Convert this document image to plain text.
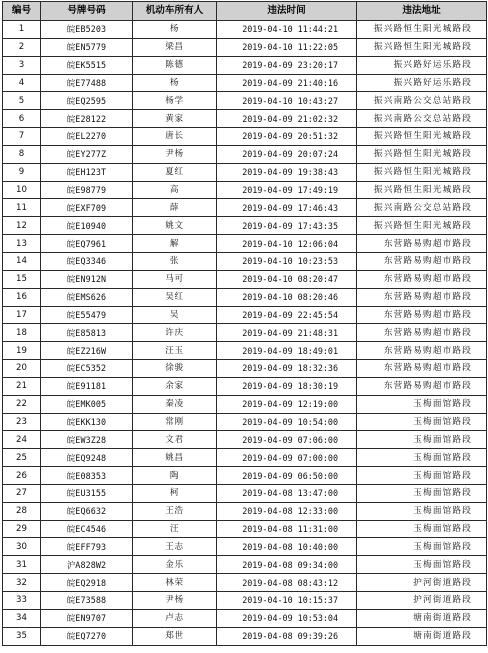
编号	号牌号码	机动车所有人	违法时间	违法地址
1	皖EB5203	杨	2019-04-10 11:44:21	振兴路恒生阳光城路段
2	皖EN5779	梁昌	2019-04-10 11:22:05	振兴路恒生阳光城路段
3	皖EK5515	陈德	2019-04-09 23:20:17	振兴路好运乐路段
4	皖E77488	杨	2019-04-09 21:40:16	振兴路好运乐路段
5	皖EQ2595	杨学	2019-04-10 10:43:27	振兴南路公交总站路段
6	皖E28122	黄家	2019-04-09 21:02:32	振兴南路公交总站路段
7	皖EL2270	唐长	2019-04-09 20:51:32	振兴路恒生阳光城路段
8	皖EY277Z	尹杨	2019-04-09 20:07:24	振兴路恒生阳光城路段
9	皖EH123T	夏红	2019-04-09 19:38:43	振兴路恒生阳光城路段
10	皖E98779	高	2019-04-09 17:49:19	振兴路恒生阳光城路段
11	皖EXF709	薛	2019-04-09 17:46:43	振兴南路公交总站路段
12	皖E10940	姚文	2019-04-09 17:43:35	振兴路恒生阳光城路段
13	皖EQ7961	解	2019-04-10 12:06:04	东营路易购超市路段
14	皖EQ3346	张	2019-04-10 10:23:53	东营路易购超市路段
15	皖EN912N	马可	2019-04-10 08:20:47	东营路易购超市路段
16	皖EMS626	吴红	2019-04-10 08:20:46	东营路易购超市路段
17	皖E55479	吴	2019-04-09 22:45:54	东营路易购超市路段
18	皖E85813	许庆	2019-04-09 21:48:31	东营路易购超市路段
19	皖EZ216W	汪玉	2019-04-09 18:49:01	东营路易购超市路段
20	皖EC5352	徐骏	2019-04-09 18:32:36	东营路易购超市路段
21	皖E91181	余家	2019-04-09 18:30:19	东营路易购超市路段
22	皖EMK005	秦凌	2019-04-09 12:19:00	玉梅面馆路段
23	皖EKK130	常刚	2019-04-09 10:54:00	玉梅面馆路段
24	皖EW3Z28	文君	2019-04-09 07:06:00	玉梅面馆路段
25	皖EQ9248	姚昌	2019-04-09 07:00:00	玉梅面馆路段
26	皖E08353	陶	2019-04-09 06:50:00	玉梅面馆路段
27	皖EU3155	柯	2019-04-08 13:47:00	玉梅面馆路段
28	皖EQ6632	王浩	2019-04-08 12:33:00	玉梅面馆路段
29	皖EC4546	汪	2019-04-08 11:31:00	玉梅面馆路段
30	皖EFF793	王志	2019-04-08 10:40:00	玉梅面馆路段
31	沪A828W2	金乐	2019-04-08 09:34:00	玉梅面馆路段
32	皖EQ2918	林荣	2019-04-08 08:43:12	护河街道路段
33	皖E73588	尹杨	2019-04-10 10:15:37	护河街道路段
34	皖EN9707	卢志	2019-04-09 10:53:04	塘南街道路段
35	皖EQ7270	郑世	2019-04-08 09:39:26	塘南街道路段
